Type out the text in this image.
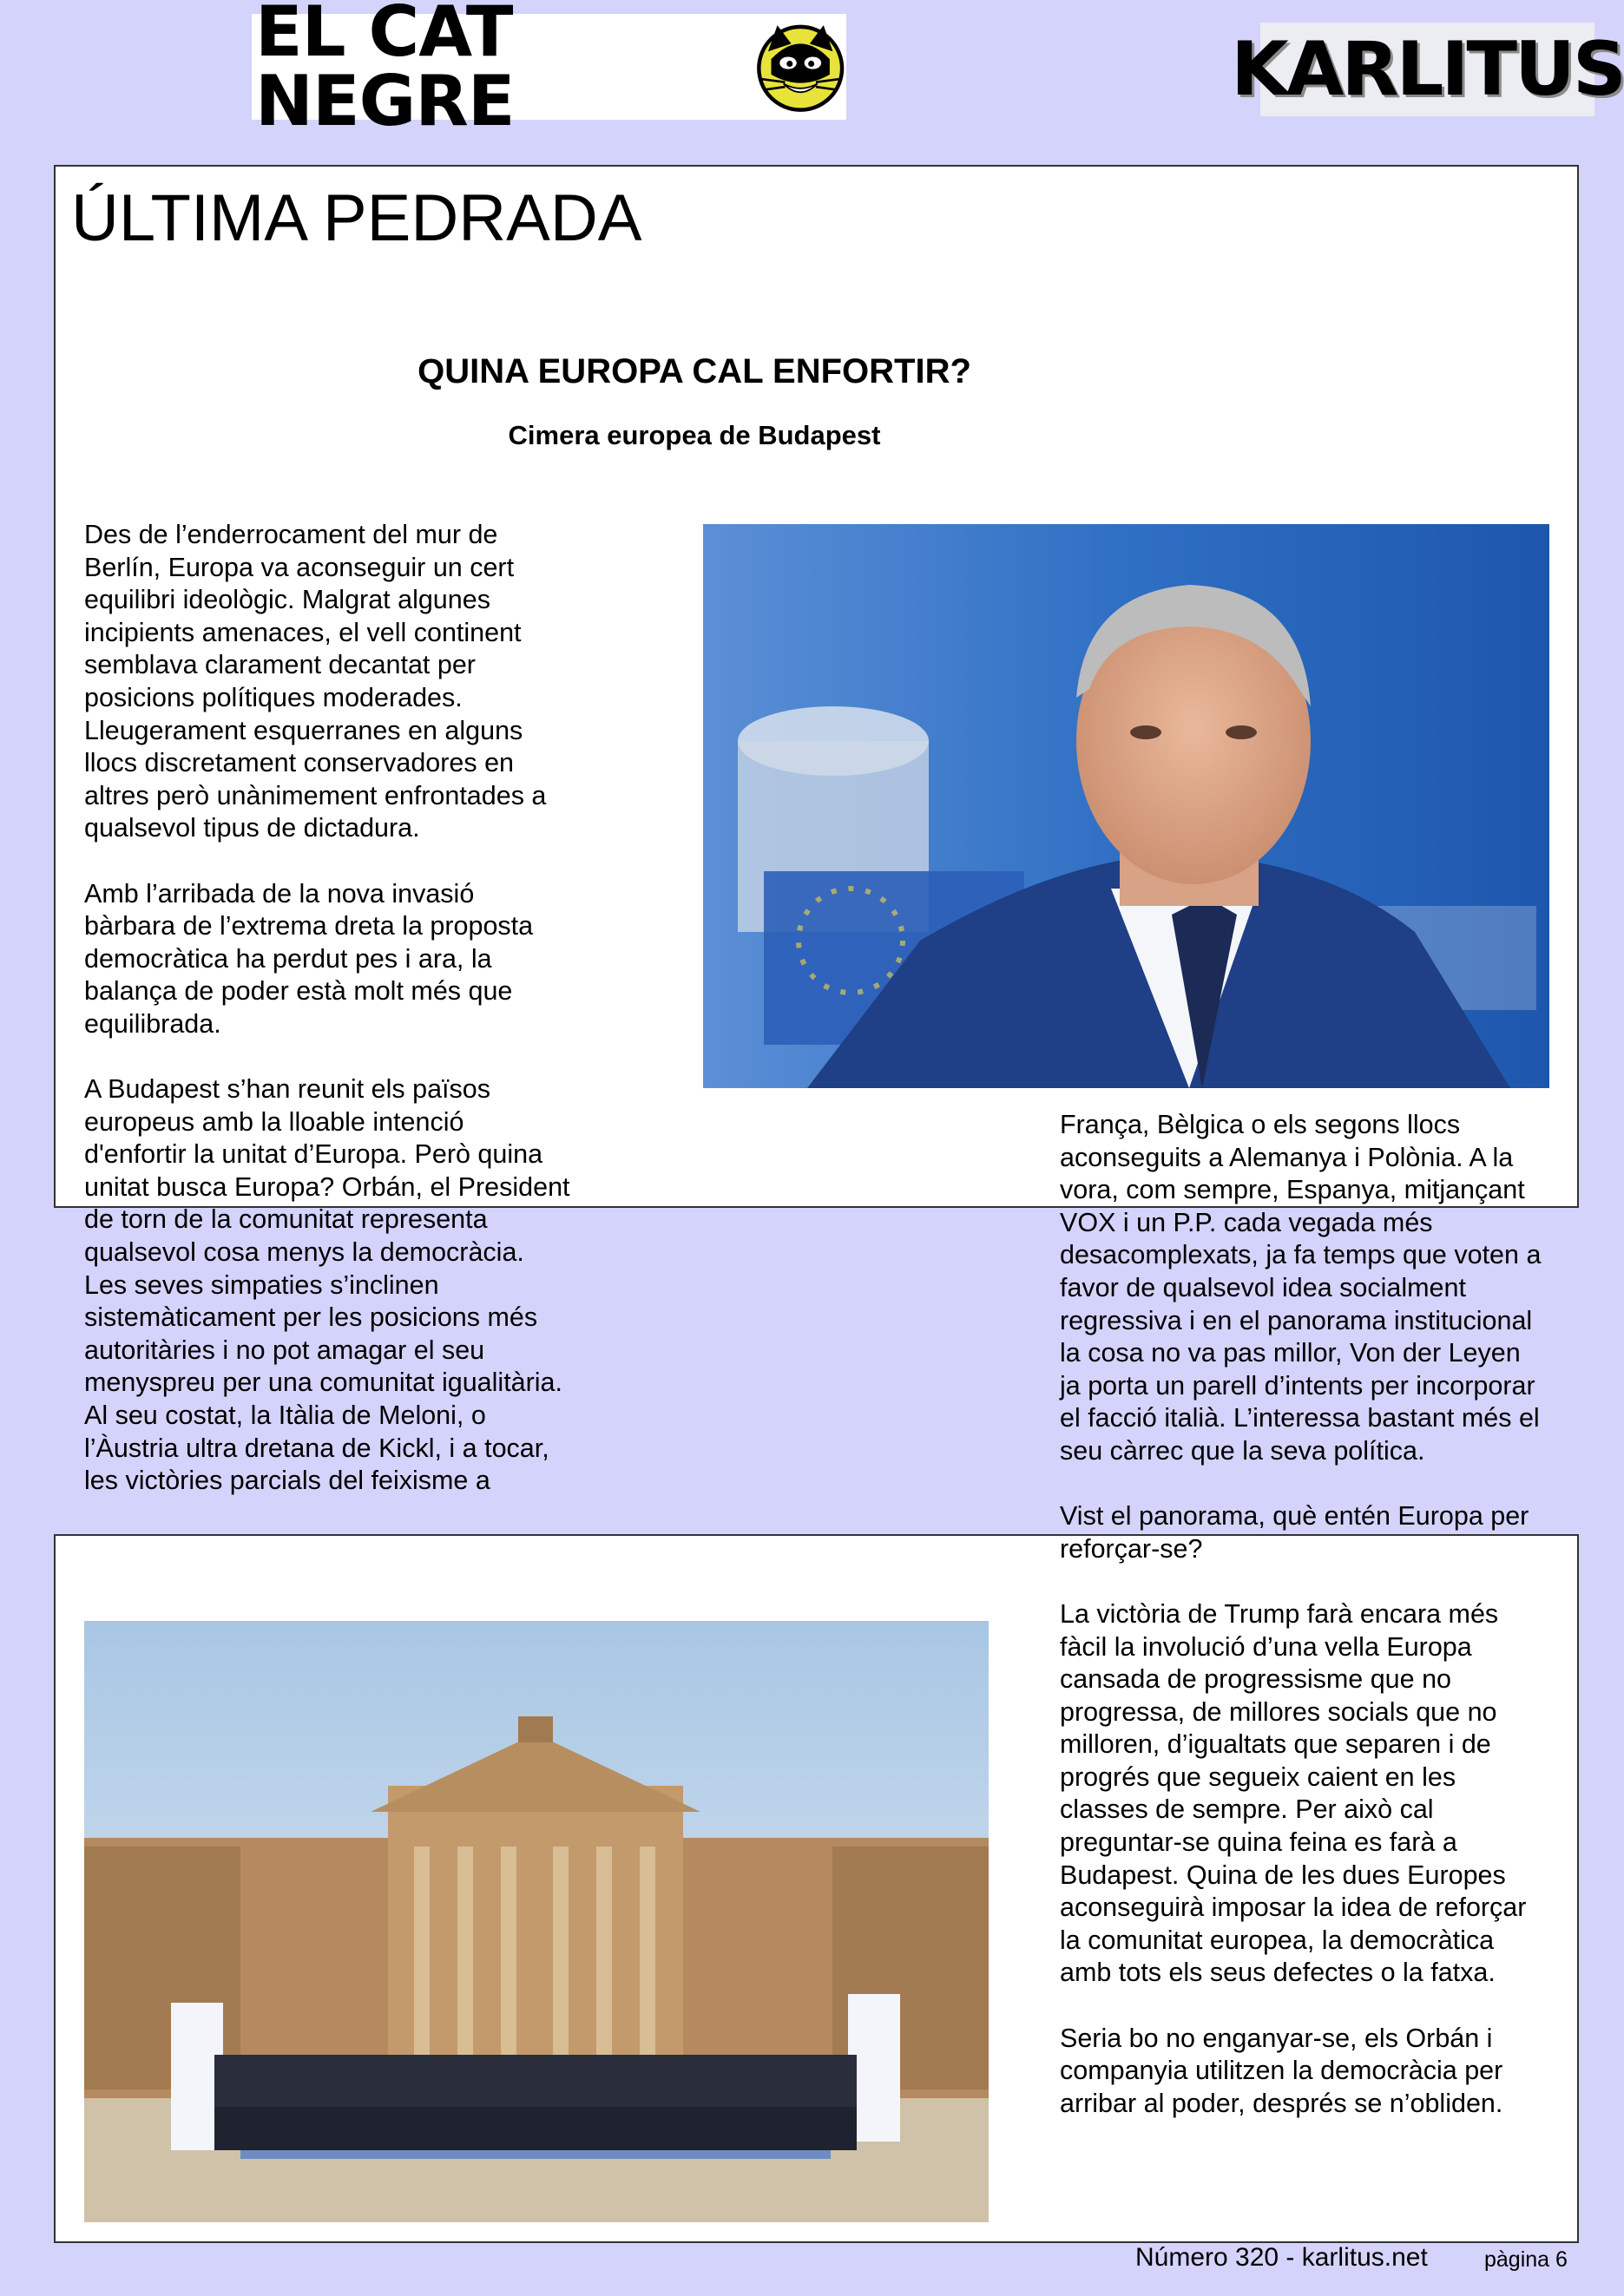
EL CAT NEGRE	KARLITUS
ÚLTIMA PEDRADA
QUINA EUROPA CAL ENFORTIR?
Cimera europea de Budapest

Des de l’enderrocament del mur de Berlín, Europa va aconseguir un cert equilibri ideològic. Malgrat algunes incipients amenaces, el vell continent semblava clarament decantat per posicions polítiques moderades. Lleugerament esquerranes en alguns llocs discretament conservadores en altres però unànimement enfrontades a qualsevol tipus de dictadura.

Amb l’arribada de la nova invasió bàrbara de l’extrema dreta la proposta democràtica ha perdut pes i ara, la balança de poder està molt més que equilibrada.

A Budapest s’han reunit els països europeus amb la lloable intenció d'enfortir la unitat d’Europa. Però quina unitat busca Europa? Orbán, el President de torn de la comunitat representa qualsevol cosa menys la democràcia. Les seves simpaties s’inclinen sistemàticament per les posicions més autoritàries i no pot amagar el seu menyspreu per una comunitat igualitària. Al seu costat, la Itàlia de Meloni, o l’Àustria ultra dretana de Kickl, i a tocar, les victòries parcials del feixisme a

França, Bèlgica o els segons llocs aconseguits a Alemanya i Polònia. A la vora, com sempre, Espanya, mitjançant VOX i un P.P. cada vegada més desacomplexats, ja fa temps que voten a favor de qualsevol idea socialment regressiva i en el panorama institucional la cosa no va pas millor, Von der Leyen ja porta un parell d’intents per incorporar el facció italià. L’interessa bastant més el seu càrrec que la seva política.

Vist el panorama, què entén Europa per reforçar-se?

La victòria de Trump farà encara més fàcil la involució d’una vella Europa cansada de progressisme que no progressa, de millores socials que no milloren, d’igualtats que separen i de progrés que segueix caient en les classes de sempre. Per això cal preguntar-se quina feina es farà a Budapest. Quina de les dues Europes aconseguirà imposar la idea de reforçar la comunitat europea, la democràtica amb tots els seus defectes o la fatxa.

Seria bo no enganyar-se, els Orbán i companyia utilitzen la democràcia per arribar al poder, després se n’obliden.

Número 320 - karlitus.net	pàgina 6
